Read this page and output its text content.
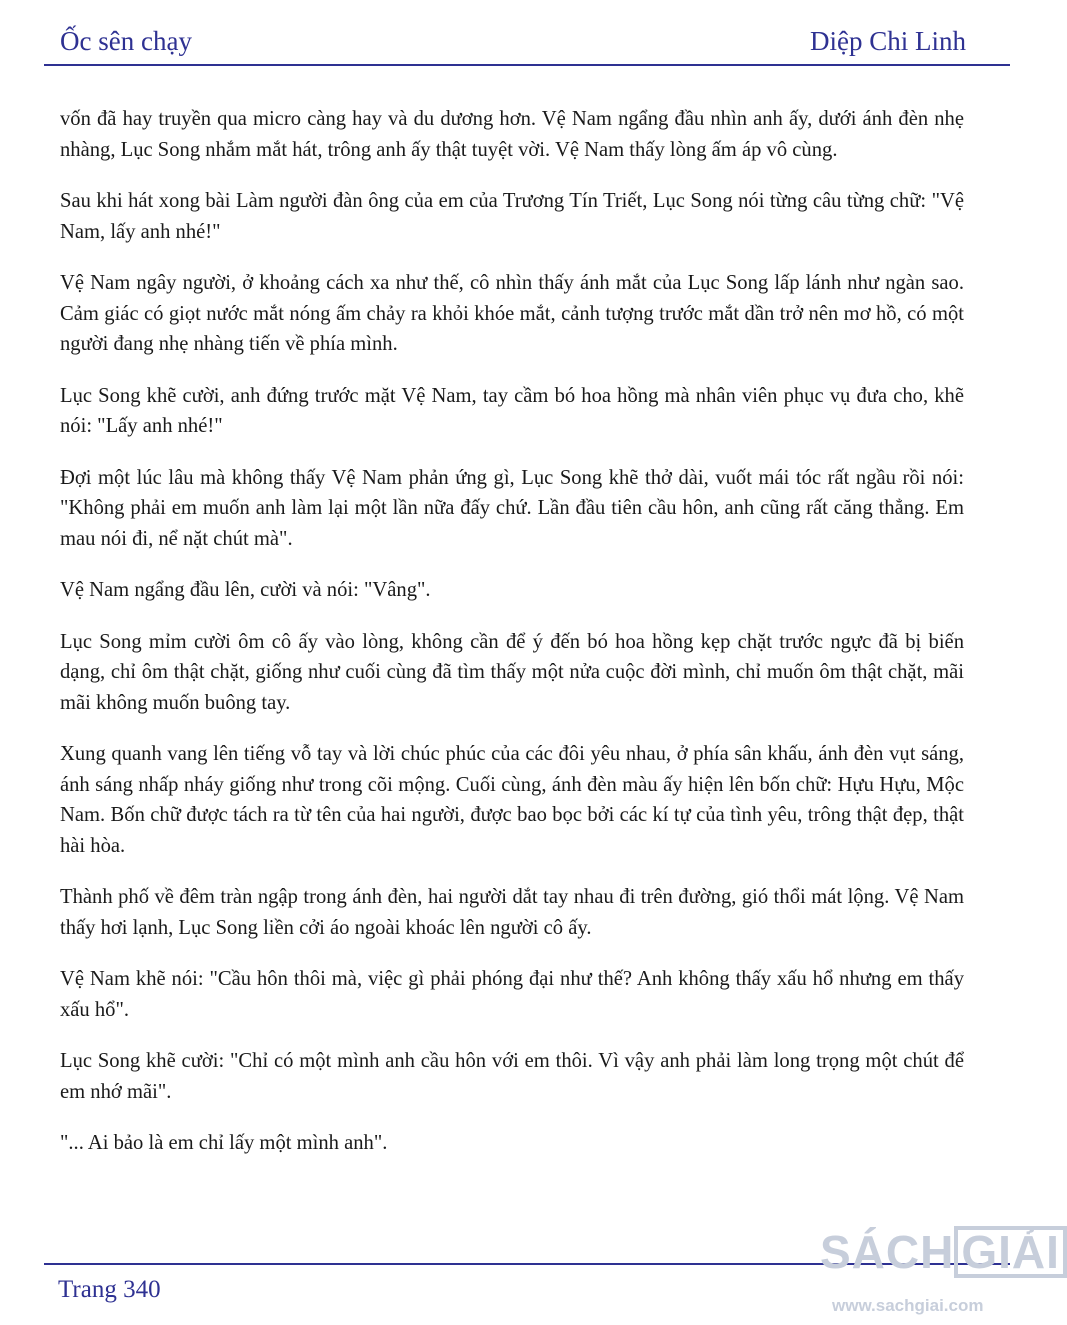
Ốc sên chạy	Diệp Chi Linh

vốn đã hay truyền qua micro càng hay và du dương hơn. Vệ Nam ngẩng đầu nhìn anh ấy, dưới ánh đèn nhẹ nhàng, Lục Song nhắm mắt hát, trông anh ấy thật tuyệt vời. Vệ Nam thấy lòng ấm áp vô cùng.

Sau khi hát xong bài Làm người đàn ông của em của Trương Tín Triết, Lục Song nói từng câu từng chữ: "Vệ Nam, lấy anh nhé!"

Vệ Nam ngây người, ở khoảng cách xa như thế, cô nhìn thấy ánh mắt của Lục Song lấp lánh như ngàn sao. Cảm giác có giọt nước mắt nóng ấm chảy ra khỏi khóe mắt, cảnh tượng trước mắt dần trở nên mơ hồ, có một người đang nhẹ nhàng tiến về phía mình.

Lục Song khẽ cười, anh đứng trước mặt Vệ Nam, tay cầm bó hoa hồng mà nhân viên phục vụ đưa cho, khẽ nói: "Lấy anh nhé!"

Đợi một lúc lâu mà không thấy Vệ Nam phản ứng gì, Lục Song khẽ thở dài, vuốt mái tóc rất ngầu rồi nói: "Không phải em muốn anh làm lại một lần nữa đấy chứ. Lần đầu tiên cầu hôn, anh cũng rất căng thẳng. Em mau nói đi, nể nặt chút mà".

Vệ Nam ngẩng đầu lên, cười và nói: "Vâng".

Lục Song mỉm cười ôm cô ấy vào lòng, không cần để ý đến bó hoa hồng kẹp chặt trước ngực đã bị biến dạng, chỉ ôm thật chặt, giống như cuối cùng đã tìm thấy một nửa cuộc đời mình, chỉ muốn ôm thật chặt, mãi mãi không muốn buông tay.

Xung quanh vang lên tiếng vỗ tay và lời chúc phúc của các đôi yêu nhau, ở phía sân khấu, ánh đèn vụt sáng, ánh sáng nhấp nháy giống như trong cõi mộng. Cuối cùng, ánh đèn màu ấy hiện lên bốn chữ: Hựu Hựu, Mộc Nam. Bốn chữ được tách ra từ tên của hai người, được bao bọc bởi các kí tự của tình yêu, trông thật đẹp, thật hài hòa.

Thành phố về đêm tràn ngập trong ánh đèn, hai người dắt tay nhau đi trên đường, gió thổi mát lộng. Vệ Nam thấy hơi lạnh, Lục Song liền cởi áo ngoài khoác lên người cô ấy.

Vệ Nam khẽ nói: "Cầu hôn thôi mà, việc gì phải phóng đại như thế? Anh không thấy xấu hổ nhưng em thấy xấu hổ".

Lục Song khẽ cười: "Chỉ có một mình anh cầu hôn với em thôi. Vì vậy anh phải làm long trọng một chút để em nhớ mãi".

"... Ai bảo là em chỉ lấy một mình anh".

Trang 340
SÁCH GIẢI
www.sachgiai.com
